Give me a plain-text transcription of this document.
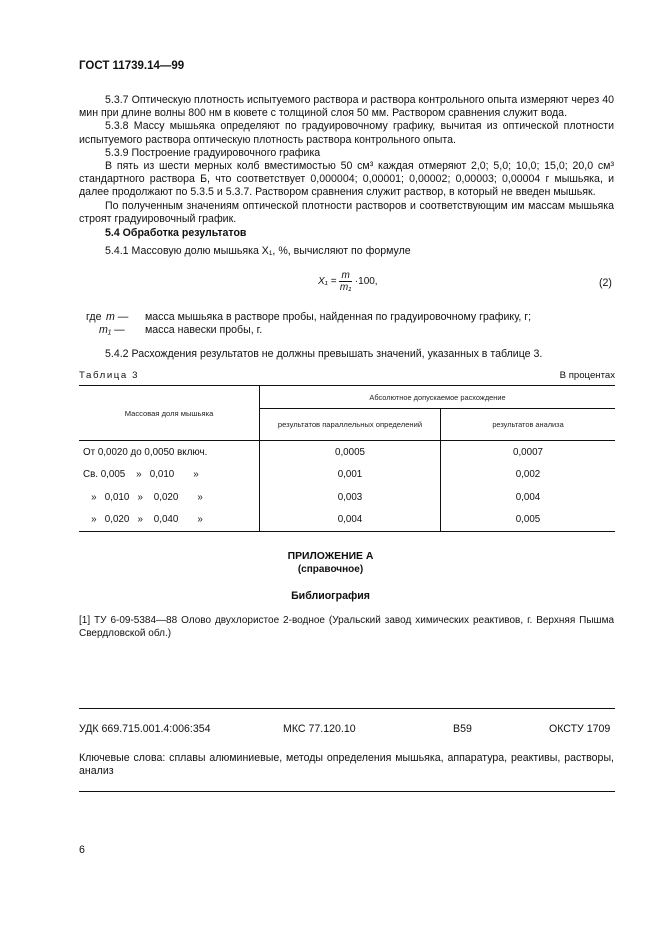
ГОСТ 11739.14—99

5.3.7 Оптическую плотность испытуемого раствора и раствора контрольного опыта измеряют через 40 мин при длине волны 800 нм в кювете с толщиной слоя 50 мм. Раствором сравнения служит вода.

5.3.8 Массу мышьяка определяют по градуировочному графику, вычитая из оптической плотности испытуемого раствора оптическую плотность раствора контрольного опыта.

5.3.9 Построение градуировочного графика

В пять из шести мерных колб вместимостью 50 см³ каждая отмеряют 2,0; 5,0; 10,0; 15,0; 20,0 см³ стандартного раствора Б, что соответствует 0,000004; 0,00001; 0,00002; 0,00003; 0,00004 г мышьяка, и далее продолжают по 5.3.5 и 5.3.7. Раствором сравнения служит раствор, в который не введен мышьяк.

По полученным значениям оптической плотности растворов и соответствующим им массам мышьяка строят градуировочный график.

5.4 Обработка результатов
5.4.1 Массовую долю мышьяка X₁, %, вычисляют по формуле
$X_1 = \frac{m}{\text{m₁}} \cdot 100$,	(2)
где m — масса мышьяка в растворе пробы, найденная по градуировочному графику, г;
m₁ — масса навески пробы, г.
5.4.2 Расхождения результатов не должны превышать значений, указанных в таблице 3.
Таблица 3	В процентах
Массовая доля мышьяка	Абсолютное допускаемое расхождение	
	результатов параллельных определений	результатов анализа
От 0,0020 до 0,0050 включ.	0,0005	0,0007
Св. 0,005    »   0,010       »	0,001	0,002
»   0,010   »    0,020       »	0,003	0,004
»   0,020   »    0,040       »	0,004	0,005
ПРИЛОЖЕНИЕ А
(справочное)
Библиография
[1] ТУ 6-09-5384—88 Олово двухлористое 2-водное (Уральский завод химических реактивов, г. Верхняя Пышма Свердловской обл.)
УДК 669.715.001.4:006:354	МКС 77.120.10	В59	ОКСТУ 1709
Ключевые слова: сплавы алюминиевые, методы определения мышьяка, аппаратура, реактивы, растворы, анализ
6
